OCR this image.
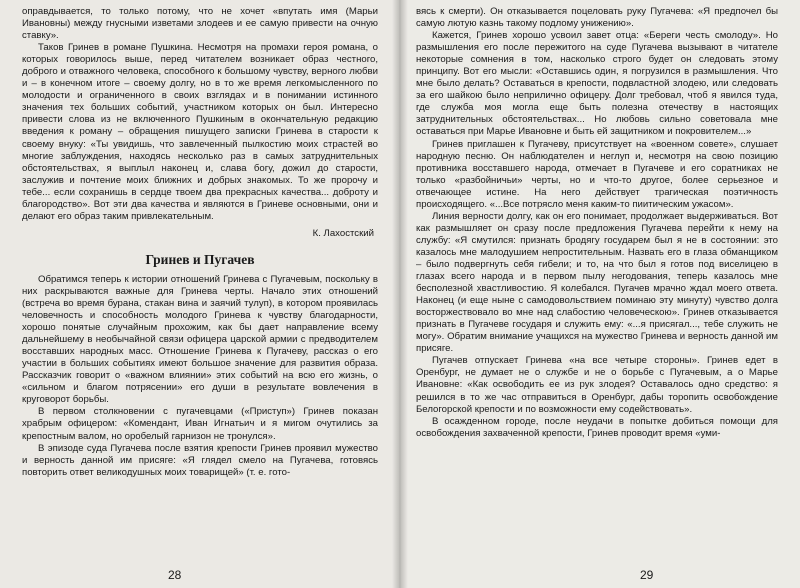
оправдывается, то только потому, что не хочет «впутать имя (Марьи Ивановны) между гнусными изветами злодеев и ее самую привести на очную ставку».

Таков Гринев в романе Пушкина. Несмотря на промахи героя романа, о которых говорилось выше, перед читателем возникает образ честного, доброго и отважного человека, способного к большому чувству, верного любви и – в конечном итоге – своему долгу, но в то же время легкомысленного по молодости и ограниченного в своих взглядах и в понимании истинного значения тех больших событий, участником которых он был. Интересно привести слова из не включенного Пушкиным в окончательную редакцию введения к роману – обращения пишущего записки Гринева в старости к своему внуку: «Ты увидишь, что завлеченный пылкостию моих страстей во многие заблуждения, находясь несколько раз в самых затруднительных обстоятельствах, я выплыл наконец и, слава богу, дожил до старости, заслужив и почтение моих ближних и добрых знакомых. То же пророчу и тебе... если сохранишь в сердце твоем два прекрасных качества... доброту и благородство». Вот эти два качества и являются в Гриневе основными, они и делают его образ таким привлекательным.

К. Лахостский
Гринев и Пугачев

Обратимся теперь к истории отношений Гринева с Пугачевым, поскольку в них раскрываются важные для Гринева черты. Начало этих отношений (встреча во время бурана, стакан вина и заячий тулуп), в котором проявилась человечность и способность молодого Гринева к чувству благодарности, хорошо понятые случайным прохожим, как бы дает направление всему дальнейшему в необычайной связи офицера царской армии с предводителем восставших народных масс. Отношение Гринева к Пугачеву, рассказ о его участии в больших событиях имеют большое значение для развития образа. Рассказчик говорит о «важном влиянии» этих событий на всю его жизнь, о «сильном и благом потрясении» его души в результате вовлечения в круговорот борьбы.

В первом столкновении с пугачевцами («Приступ») Гринев показан храбрым офицером: «Комендант, Иван Игнатьич и я мигом очутились за крепостным валом, но оробелый гарнизон не тронулся».

В эпизоде суда Пугачева после взятия крепости Гринев проявил мужество и верность данной им присяге: «Я глядел смело на Пугачева, готовясь повторить ответ великодушных моих товарищей» (т. е. гото-

28

вясь к смерти). Он отказывается поцеловать руку Пугачева: «Я предпочел бы самую лютую казнь такому подлому унижению».

Кажется, Гринев хорошо усвоил завет отца: «Береги честь смолоду». Но размышления его после пережитого на суде Пугачева вызывают в читателе некоторые сомнения в том, насколько строго будет он следовать этому принципу. Вот его мысли: «Оставшись один, я погрузился в размышления. Что мне было делать? Оставаться в крепости, подвластной злодею, или следовать за его шайкою было неприлично офицеру. Долг требовал, чтоб я явился туда, где служба моя могла еще быть полезна отечеству в настоящих затруднительных обстоятельствах... Но любовь сильно советовала мне оставаться при Марье Ивановне и быть ей защитником и покровителем...»

Гринев приглашен к Пугачеву, присутствует на «военном совете», слушает народную песню. Он наблюдателен и неглуп и, несмотря на свою позицию противника восставшего народа, отмечает в Пугачеве и его соратниках не только «разбойничьи» черты, но и что-то другое, более серьезное и отвечающее истине. На него действует трагическая поэтичность происходящего. «...Все потрясло меня каким-то пиитическим ужасом».

Линия верности долгу, как он его понимает, продолжает выдерживаться. Вот как размышляет он сразу после предложения Пугачева перейти к нему на службу: «Я смутился: признать бродягу государем был я не в состоянии: это казалось мне малодушием непростительным. Назвать его в глаза обманщиком – было подвергнуть себя гибели; и то, на что был я готов под виселицею в глазах всего народа и в первом пылу негодования, теперь казалось мне бесполезной хвастливостию. Я колебался. Пугачев мрачно ждал моего ответа. Наконец (и еще ныне с самодовольствием поминаю эту минуту) чувство долга восторжествовало во мне над слабостию человеческою». Гринев отказывается признать в Пугачеве государя и служить ему: «...я присягал..., тебе служить не могу». Обратим внимание учащихся на мужество Гринева и верность данной им присяге.

Пугачев отпускает Гринева «на все четыре стороны». Гринев едет в Оренбург, не думает не о службе и не о борьбе с Пугачевым, а о Марье Ивановне: «Как освободить ее из рук злодея? Оставалось одно средство: я решился в то же час отправиться в Оренбург, дабы торопить освобождение Белогорской крепости и по возможности ему содействовать».

В осажденном городе, после неудачи в попытке добиться помощи для освобождения захваченной крепости, Гринев проводит время «уми-

29
